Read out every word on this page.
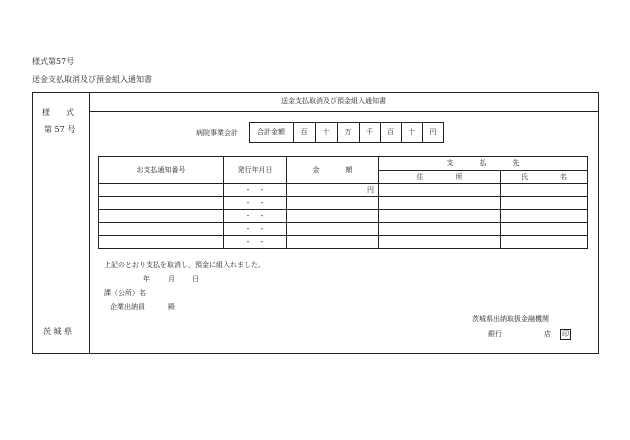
様式第57号
送金支払取消及び預金組入通知書
様　　式
第 57 号
茨 城 県
送金支払取消及び預金組入通知書
病院事業会計	合計金額	百	十	万	千	百	十	円
お支払通知番号	発行年月日	金 額	支 払 先	
			住 所	氏 名
	・　・	円		
	・　・			
	・　・			
	・　・			
	・　・			
上記のとおり支払を取消し，預金に組入れました。
年	月 日
課（公所）名
企業出納員	殿
茨城県出納取扱金融機関
銀行	店 印
